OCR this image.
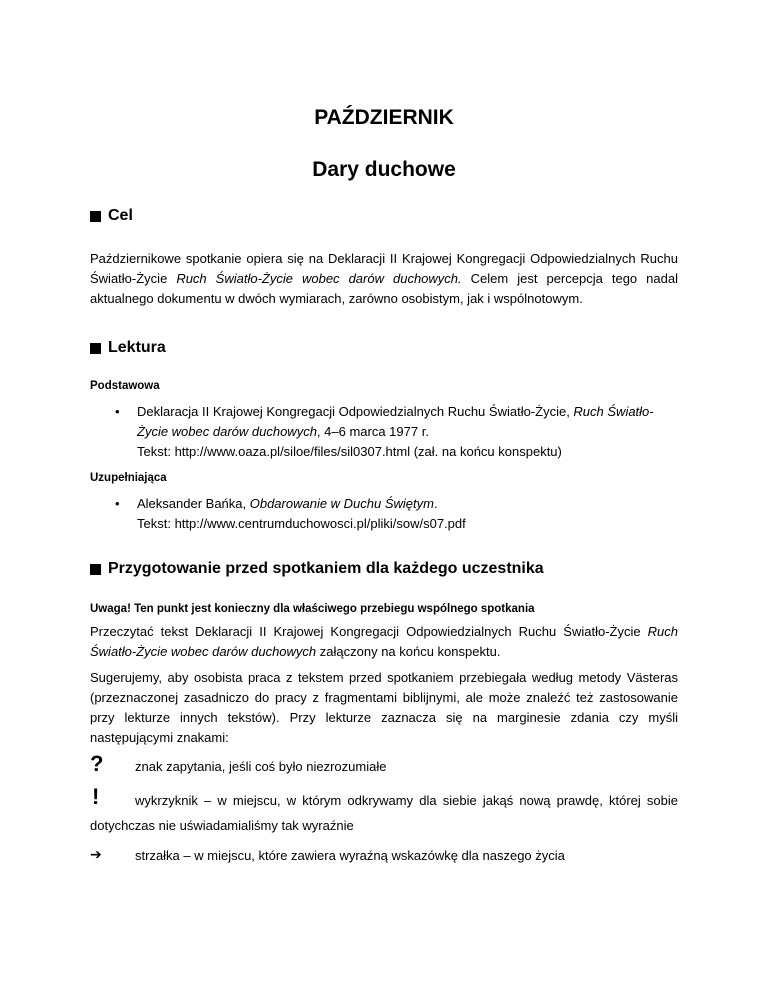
PAŹDZIERNIK
Dary duchowe
Cel

Październikowe spotkanie opiera się na Deklaracji II Krajowej Kongregacji Odpowiedzialnych Ruchu Światło-Życie Ruch Światło-Życie wobec darów duchowych. Celem jest percepcja tego nadal aktualnego dokumentu w dwóch wymiarach, zarówno osobistym, jak i wspólnotowym.

Lektura
Podstawowa
•	Deklaracja II Krajowej Kongregacji Odpowiedzialnych Ruchu Światło-Życie, Ruch Światło-Życie wobec darów duchowych, 4–6 marca 1977 r.
Tekst: http://www.oaza.pl/siloe/files/sil0307.html (zał. na końcu konspektu)
Uzupełniająca
•	Aleksander Bańka, Obdarowanie w Duchu Świętym.
Tekst: http://www.centrumduchowosci.pl/pliki/sow/s07.pdf
Przygotowanie przed spotkaniem dla każdego uczestnika
Uwaga! Ten punkt jest konieczny dla właściwego przebiegu wspólnego spotkania

Przeczytać tekst Deklaracji II Krajowej Kongregacji Odpowiedzialnych Ruchu Światło-Życie Ruch Światło-Życie wobec darów duchowych załączony na końcu konspektu.

Sugerujemy, aby osobista praca z tekstem przed spotkaniem przebiegała według metody Västeras (przeznaczonej zasadniczo do pracy z fragmentami biblijnymi, ale może znaleźć też zastosowanie przy lekturze innych tekstów). Przy lekturze zaznacza się na marginesie zdania czy myśli następującymi znakami:

? znak zapytania, jeśli coś było niezrozumiałe
!	wykrzyknik – w miejscu, w którym odkrywamy dla siebie jakąś nową prawdę, której sobie
dotychczas nie uświadamialiśmy tak wyraźnie
➔	strzałka – w miejscu, które zawiera wyraźną wskazówkę dla naszego życia
